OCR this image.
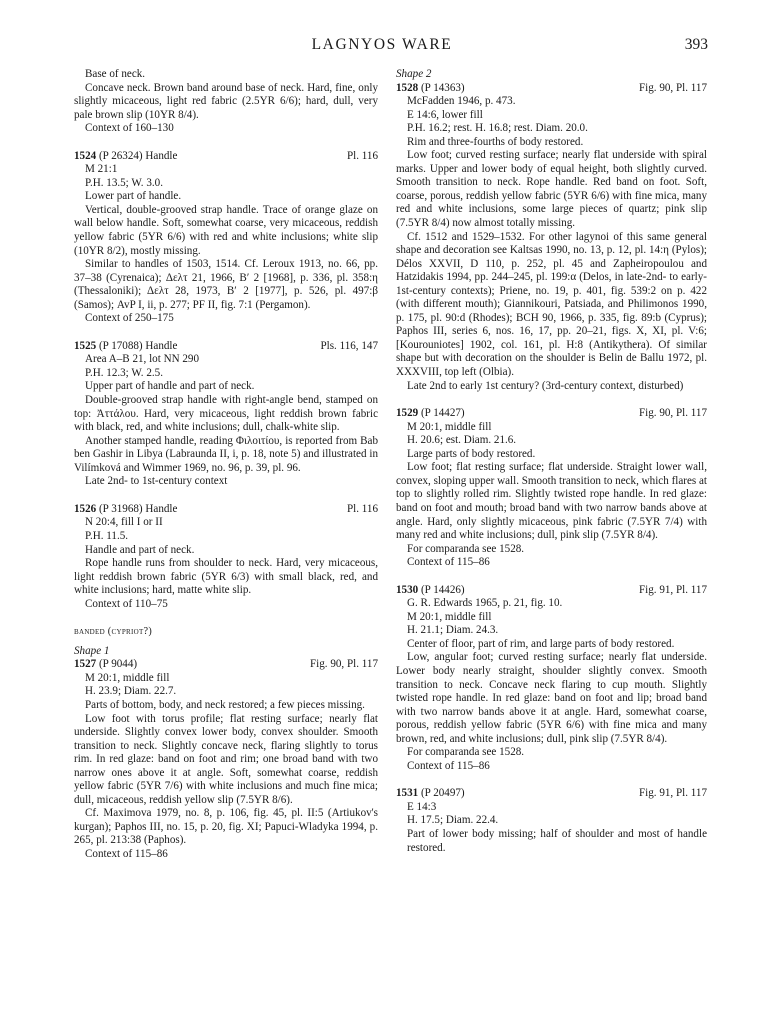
LAGNYOS WARE	393

Base of neck.

Concave neck. Brown band around base of neck. Hard, fine, only slightly micaceous, light red fabric (2.5YR 6/6); hard, dull, very pale brown slip (10YR 8/4).

Context of 160–130

1524 (P 26324) Handle	Pl. 116

M 21:1

P.H. 13.5; W. 3.0.

Lower part of handle.

Vertical, double-grooved strap handle. Trace of orange glaze on wall below handle. Soft, somewhat coarse, very micaceous, reddish yellow fabric (5YR 6/6) with red and white inclusions; white slip (10YR 8/2), mostly missing.

Similar to handles of 1503, 1514. Cf. Leroux 1913, no. 66, pp. 37–38 (Cyrenaica); Δελτ 21, 1966, Β′ 2 [1968], p. 336, pl. 358:η (Thessaloniki); Δελτ 28, 1973, Β′ 2 [1977], p. 526, pl. 497:β (Samos); AvP I, ii, p. 277; PF II, fig. 7:1 (Pergamon).

Context of 250–175

1525 (P 17088) Handle	Pls. 116, 147

Area A–B 21, lot NN 290

P.H. 12.3; W. 2.5.

Upper part of handle and part of neck.

Double-grooved strap handle with right-angle bend, stamped on top: Ἀττάλου. Hard, very micaceous, light reddish brown fabric with black, red, and white inclusions; dull, chalk-white slip.

Another stamped handle, reading Φιλοιτίου, is reported from Bab ben Gashir in Libya (Labraunda II, i, p. 18, note 5) and illustrated in Vilímková and Wimmer 1969, no. 96, p. 39, pl. 96.

Late 2nd- to 1st-century context

1526 (P 31968) Handle	Pl. 116

N 20:4, fill I or II

P.H. 11.5.

Handle and part of neck.

Rope handle runs from shoulder to neck. Hard, very micaceous, light reddish brown fabric (5YR 6/3) with small black, red, and white inclusions; hard, matte white slip.

Context of 110–75

banded (cypriot?)

Shape 1

1527 (P 9044)	Fig. 90, Pl. 117

M 20:1, middle fill

H. 23.9; Diam. 22.7.

Parts of bottom, body, and neck restored; a few pieces missing.

Low foot with torus profile; flat resting surface; nearly flat underside. Slightly convex lower body, convex shoulder. Smooth transition to neck. Slightly concave neck, flaring slightly to torus rim. In red glaze: band on foot and rim; one broad band with two narrow ones above it at angle. Soft, somewhat coarse, reddish yellow fabric (5YR 7/6) with white inclusions and much fine mica; dull, micaceous, reddish yellow slip (7.5YR 8/6).

Cf. Maximova 1979, no. 8, p. 106, fig. 45, pl. II:5 (Artiukov's kurgan); Paphos III, no. 15, p. 20, fig. XI; Papuci-Wladyka 1994, p. 265, pl. 213:38 (Paphos).

Context of 115–86

Shape 2

1528 (P 14363)	Fig. 90, Pl. 117

McFadden 1946, p. 473.

E 14:6, lower fill

P.H. 16.2; rest. H. 16.8; rest. Diam. 20.0.

Rim and three-fourths of body restored.

Low foot; curved resting surface; nearly flat underside with spiral marks. Upper and lower body of equal height, both slightly curved. Smooth transition to neck. Rope handle. Red band on foot. Soft, coarse, porous, reddish yellow fabric (5YR 6/6) with fine mica, many red and white inclusions, some large pieces of quartz; pink slip (7.5YR 8/4) now almost totally missing.

Cf. 1512 and 1529–1532. For other lagynoi of this same general shape and decoration see Kaltsas 1990, no. 13, p. 12, pl. 14:η (Pylos); Délos XXVII, D 110, p. 252, pl. 45 and Zapheiropoulou and Hatzidakis 1994, pp. 244–245, pl. 199:α (Delos, in late-2nd- to early-1st-century contexts); Priene, no. 19, p. 401, fig. 539:2 on p. 422 (with different mouth); Giannikouri, Patsiada, and Philimonos 1990, p. 175, pl. 90:d (Rhodes); BCH 90, 1966, p. 335, fig. 89:b (Cyprus); Paphos III, series 6, nos. 16, 17, pp. 20–21, figs. X, XI, pl. V:6; [Kourouniotes] 1902, col. 161, pl. H:8 (Antikythera). Of similar shape but with decoration on the shoulder is Belin de Ballu 1972, pl. XXXVIII, top left (Olbia).

Late 2nd to early 1st century? (3rd-century context, disturbed)

1529 (P 14427)	Fig. 90, Pl. 117

M 20:1, middle fill

H. 20.6; est. Diam. 21.6.

Large parts of body restored.

Low foot; flat resting surface; flat underside. Straight lower wall, convex, sloping upper wall. Smooth transition to neck, which flares at top to slightly rolled rim. Slightly twisted rope handle. In red glaze: band on foot and mouth; broad band with two narrow bands above at angle. Hard, only slightly micaceous, pink fabric (7.5YR 7/4) with many red and white inclusions; dull, pink slip (7.5YR 8/4).

For comparanda see 1528.

Context of 115–86

1530 (P 14426)	Fig. 91, Pl. 117

G. R. Edwards 1965, p. 21, fig. 10.

M 20:1, middle fill

H. 21.1; Diam. 24.3.

Center of floor, part of rim, and large parts of body restored.

Low, angular foot; curved resting surface; nearly flat underside. Lower body nearly straight, shoulder slightly convex. Smooth transition to neck. Concave neck flaring to cup mouth. Slightly twisted rope handle. In red glaze: band on foot and lip; broad band with two narrow bands above it at angle. Hard, somewhat coarse, porous, reddish yellow fabric (5YR 6/6) with fine mica and many brown, red, and white inclusions; dull, pink slip (7.5YR 8/4).

For comparanda see 1528.

Context of 115–86

1531 (P 20497)	Fig. 91, Pl. 117

E 14:3

H. 17.5; Diam. 22.4.

Part of lower body missing; half of shoulder and most of handle restored.
